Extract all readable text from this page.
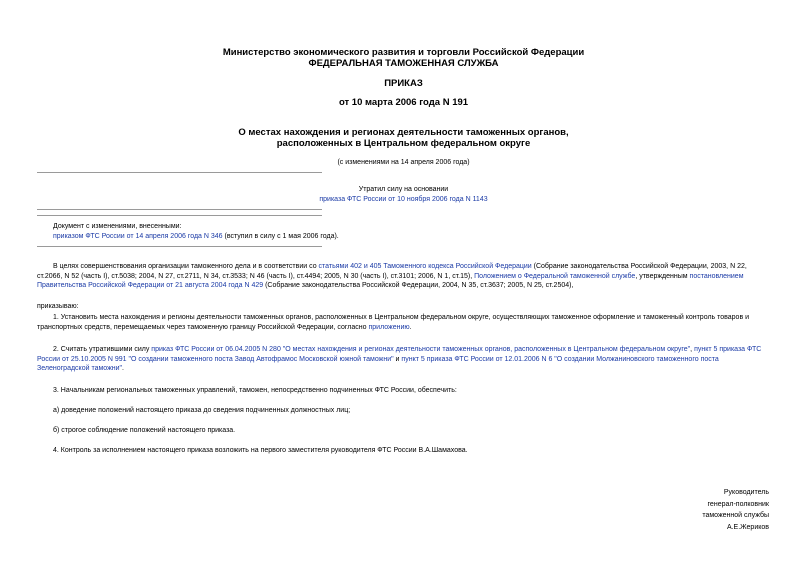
Министерство экономического развития и торговли Российской Федерации
ФЕДЕРАЛЬНАЯ ТАМОЖЕННАЯ СЛУЖБА
ПРИКАЗ
от 10 марта 2006 года N 191
О местах нахождения и регионах деятельности таможенных органов,
расположенных в Центральном федеральном округе
(с изменениями на 14 апреля 2006 года)
Утратил силу на основании
приказа ФТС России от 10 ноября 2006 года N 1143
Документ с изменениями, внесенными:
приказом ФТС России от 14 апреля 2006 года N 346 (вступил в силу с 1 мая 2006 года).
В целях совершенствования организации таможенного дела и в соответствии со статьями 402 и 405 Таможенного кодекса Российской Федерации (Собрание законодательства Российской Федерации, 2003, N 22, ст.2066, N 52 (часть I), ст.5038; 2004, N 27, ст.2711, N 34, ст.3533; N 46 (часть I), ст.4494; 2005, N 30 (часть I), ст.3101; 2006, N 1, ст.15), Положением о Федеральной таможенной службе, утвержденным постановлением Правительства Российской Федерации от 21 августа 2004 года N 429 (Собрание законодательства Российской Федерации, 2004, N 35, ст.3637; 2005, N 25, ст.2504),
приказываю:
1. Установить места нахождения и регионы деятельности таможенных органов, расположенных в Центральном федеральном округе, осуществляющих таможенное оформление и таможенный контроль товаров и транспортных средств, перемещаемых через таможенную границу Российской Федерации, согласно приложению.
2. Считать утратившими силу приказ ФТС России от 06.04.2005 N 280 "О местах нахождения и регионах деятельности таможенных органов, расположенных в Центральном федеральном округе", пункт 5 приказа ФТС России от 25.10.2005 N 991 "О создании таможенного поста Завод Автофрамос Московской южной таможни" и пункт 5 приказа ФТС России от 12.01.2006 N 6 "О создании Молжаниновского таможенного поста Зеленоградской таможни".
3. Начальникам региональных таможенных управлений, таможен, непосредственно подчиненных ФТС России, обеспечить:
а) доведение положений настоящего приказа до сведения подчиненных должностных лиц;
б) строгое соблюдение положений настоящего приказа.
4. Контроль за исполнением настоящего приказа возложить на первого заместителя руководителя ФТС России В.А.Шамахова.
Руководитель
генерал-полковник
таможенной службы
А.Е.Жериков
